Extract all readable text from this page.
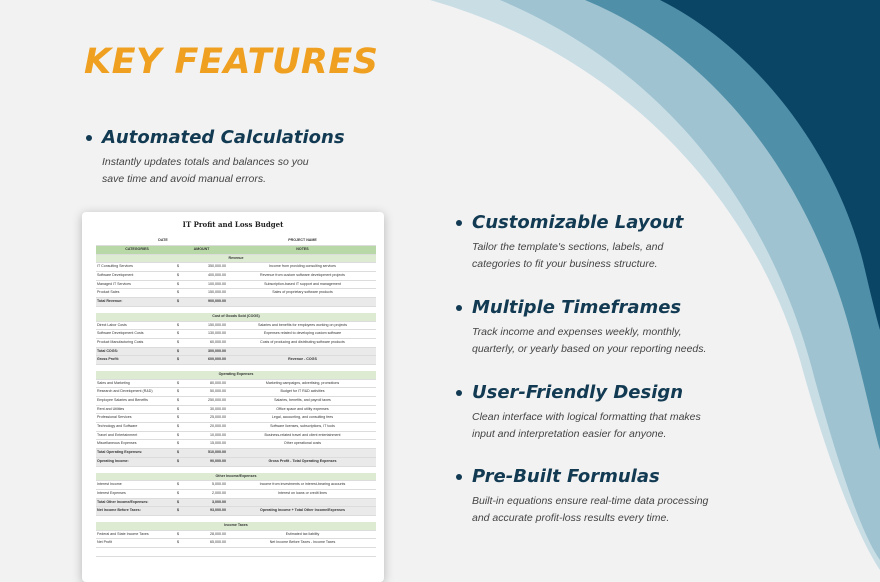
KEY FEATURES
Automated Calculations
Instantly updates totals and balances so you
save time and avoid manual errors.
Customizable Layout
Tailor the template's sections, labels, and
categories to fit your business structure.
Multiple Timeframes
Track income and expenses weekly, monthly,
quarterly, or yearly based on your reporting needs.
User-Friendly Design
Clean interface with logical formatting that makes
input and interpretation easier for anyone.
Pre-Built Formulas
Built-in equations ensure real-time data processing
and accurate profit-loss results every time.
IT Profit and Loss Budget
DATE	PROJECT NAME
CATEGORIES	AMOUNT	NOTES
Revenue
IT Consulting Services	$	350,000.00	Income from providing consulting services
Software Development	$	400,000.00	Revenue from custom software development projects
Managed IT Services	$	100,000.00	Subscription-based IT support and management
Product Sales	$	150,000.00	Sales of proprietary software products
Total Revenue:	$	900,000.00
Cost of Goods Sold (COGS)
Direct Labor Costs	$	150,000.00	Salaries and benefits for employees working on projects
Software Development Costs	$	130,000.00	Expenses related to developing custom software
Product Manufacturing Costs	$	60,000.00	Costs of producing and distributing software products
Total COGS:	$	300,000.00
Gross Profit:	$	600,000.00	Revenue - COGS
Operating Expenses
Sales and Marketing	$	80,000.00	Marketing campaigns, advertising, promotions
Research and Development (R&D)	$	50,000.00	Budget for IT R&D activities
Employee Salaries and Benefits	$	250,000.00	Salaries, benefits, and payroll taxes
Rent and Utilities	$	30,000.00	Office space and utility expenses
Professional Services	$	25,000.00	Legal, accounting, and consulting fees
Technology and Software	$	20,000.00	Software licenses, subscriptions, IT tools
Travel and Entertainment	$	10,000.00	Business-related travel and client entertainment
Miscellaneous Expenses	$	15,000.00	Other operational costs
Total Operating Expenses:	$	510,000.00
Operating Income:	$	90,000.00	Gross Profit - Total Operating Expenses
Other Income/Expenses
Interest Income	$	5,000.00	Income from investments or interest-bearing accounts
Interest Expenses	$	2,000.00	Interest on loans or credit lines
Total Other Income/Expenses:	$	3,000.00
Net Income Before Taxes:	$	93,000.00	Operating Income + Total Other Income/Expenses
Income Taxes
Federal and State Income Taxes	$	28,000.00	Estimated tax liability
Net Profit	$	65,000.00	Net Income Before Taxes - Income Taxes
